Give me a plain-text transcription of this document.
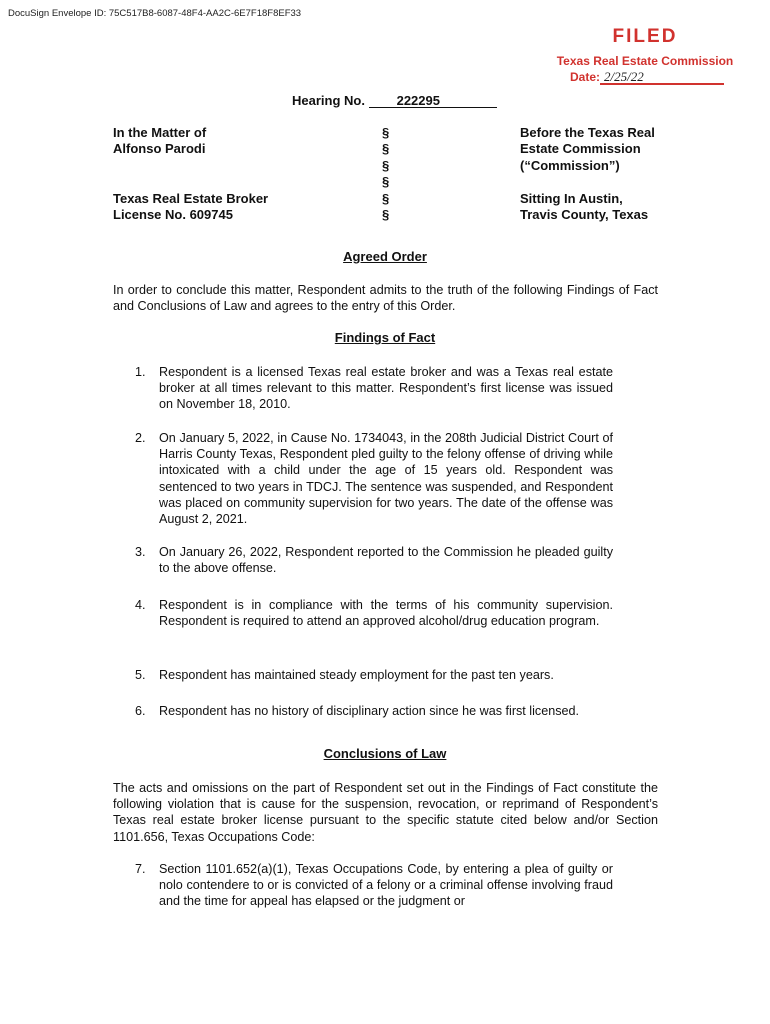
DocuSign Envelope ID: 75C517B8-6087-48F4-AA2C-6E7F18F8EF33
FILED
Texas Real Estate Commission
Date: 2/25/22
Hearing No. 222295
In the Matter of
Alfonso Parodi
Texas Real Estate Broker
License No. 609745
§
§
§
§
§
§
Before the Texas Real
Estate Commission
(“Commission”)
Sitting In Austin,
Travis County, Texas
Agreed Order
In order to conclude this matter, Respondent admits to the truth of the following Findings of Fact and Conclusions of Law and agrees to the entry of this Order.
Findings of Fact
1. Respondent is a licensed Texas real estate broker and was a Texas real estate broker at all times relevant to this matter. Respondent’s first license was issued on November 18, 2010.
2. On January 5, 2022, in Cause No. 1734043, in the 208th Judicial District Court of Harris County Texas, Respondent pled guilty to the felony offense of driving while intoxicated with a child under the age of 15 years old. Respondent was sentenced to two years in TDCJ. The sentence was suspended, and Respondent was placed on community supervision for two years. The date of the offense was August 2, 2021.
3. On January 26, 2022, Respondent reported to the Commission he pleaded guilty to the above offense.
4. Respondent is in compliance with the terms of his community supervision. Respondent is required to attend an approved alcohol/drug education program.
5. Respondent has maintained steady employment for the past ten years.
6. Respondent has no history of disciplinary action since he was first licensed.
Conclusions of Law
The acts and omissions on the part of Respondent set out in the Findings of Fact constitute the following violation that is cause for the suspension, revocation, or reprimand of Respondent’s Texas real estate broker license pursuant to the specific statute cited below and/or Section 1101.656, Texas Occupations Code:
7. Section 1101.652(a)(1), Texas Occupations Code, by entering a plea of guilty or nolo contendere to or is convicted of a felony or a criminal offense involving fraud and the time for appeal has elapsed or the judgment or
